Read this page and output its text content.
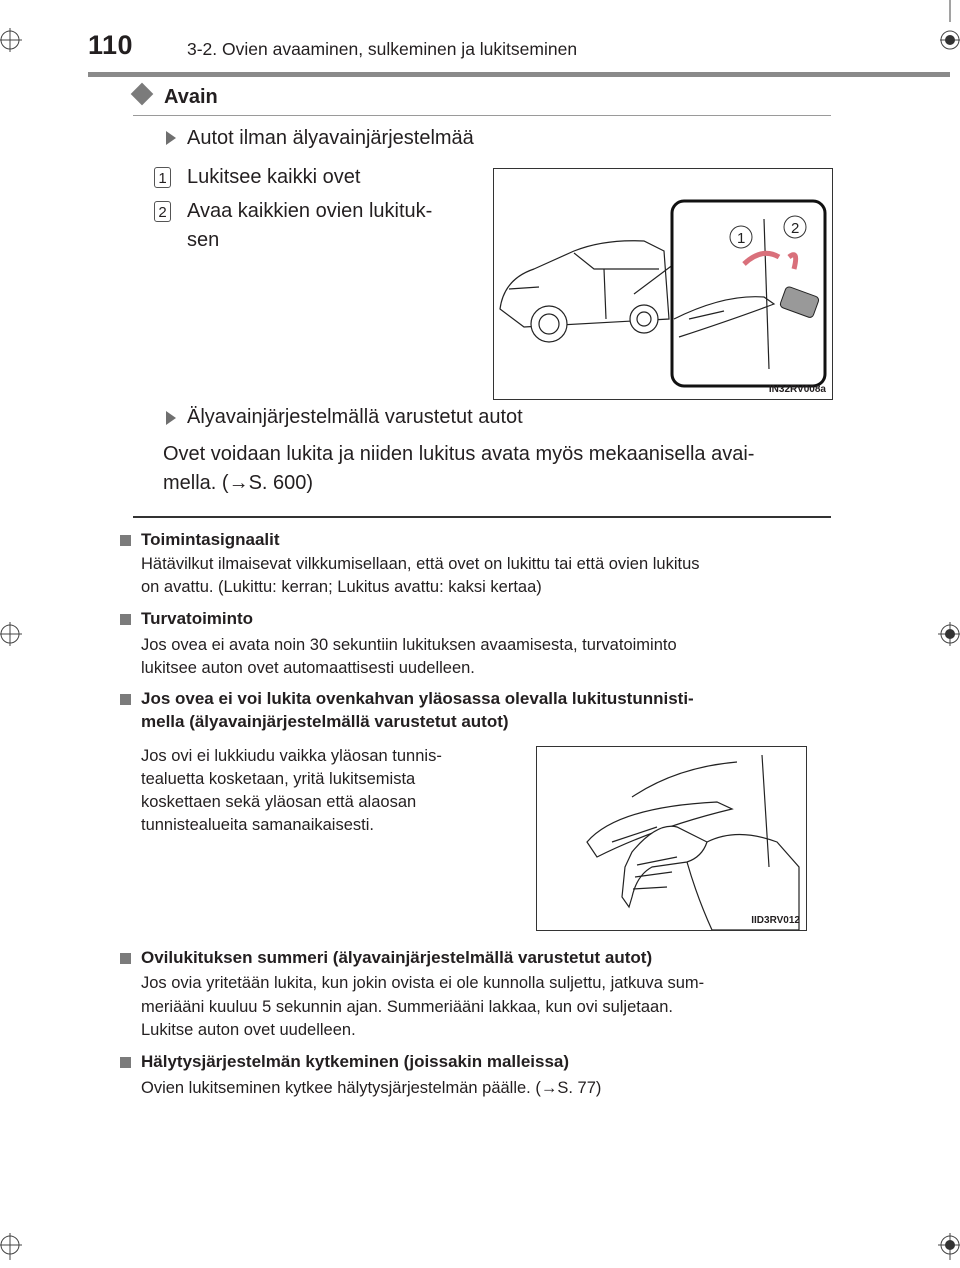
110	3-2. Ovien avaaminen, sulkeminen ja lukitseminen
Avain
Autot ilman älyavainjärjestelmää
1 Lukitsee kaikki ovet
2 Avaa kaikkien ovien lukituk-
sen	1
2
IN32RV008a
Älyavainjärjestelmällä varustetut autot
Ovet voidaan lukita ja niiden lukitus avata myös mekaanisella avai-
mella. (→S. 600)
Toimintasignaalit
Hätävilkut ilmaisevat vilkkumisellaan, että ovet on lukittu tai että ovien lukitus
on avattu. (Lukittu: kerran; Lukitus avattu: kaksi kertaa)
Turvatoiminto
Jos ovea ei avata noin 30 sekuntiin lukituksen avaamisesta, turvatoiminto
lukitsee auton ovet automaattisesti uudelleen.
Jos ovea ei voi lukita ovenkahvan yläosassa olevalla lukitustunnisti-
mella (älyavainjärjestelmällä varustetut autot)
Jos ovi ei lukkiudu vaikka yläosan tunnis-
tealuetta kosketaan, yritä lukitsemista
koskettaen sekä yläosan että alaosan
tunnistealueita samanaikaisesti.
IID3RV012
Ovilukituksen summeri (älyavainjärjestelmällä varustetut autot)
Jos ovia yritetään lukita, kun jokin ovista ei ole kunnolla suljettu, jatkuva sum-
meriääni kuuluu 5 sekunnin ajan. Summeriääni lakkaa, kun ovi suljetaan.
Lukitse auton ovet uudelleen.
Hälytysjärjestelmän kytkeminen (joissakin malleissa)
Ovien lukitseminen kytkee hälytysjärjestelmän päälle. (→S. 77)
